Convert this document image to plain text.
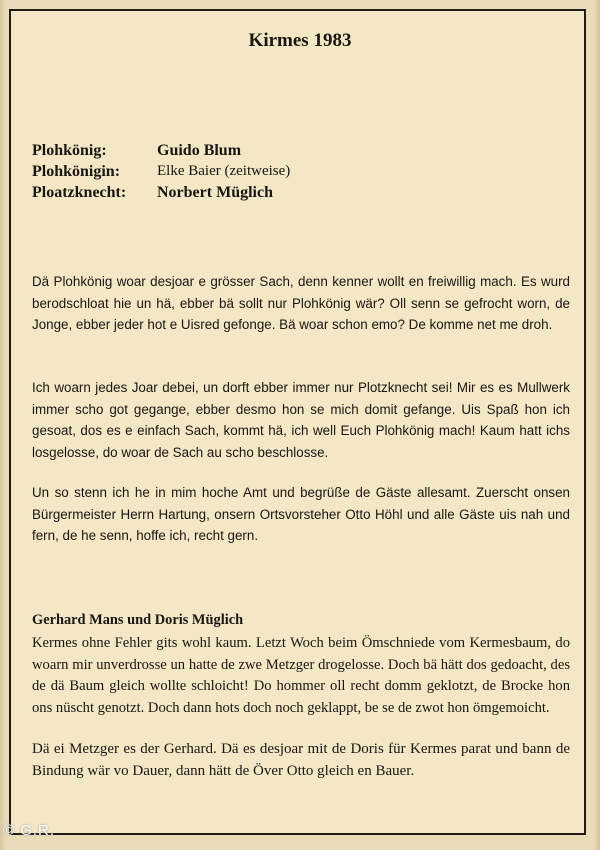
Kirmes 1983
Plohkönig:	Guido Blum
Plohkönigin:	Elke Baier (zeitweise)
Ploatzknecht:	Norbert Müglich

Dä Plohkönig woar desjoar e grösser Sach, denn kenner wollt en freiwillig mach. Es wurd berodschloat hie un hä, ebber bä sollt nur Plohkönig wär? Oll senn se gefrocht worn, de Jonge, ebber jeder hot e Uisred gefonge. Bä woar schon emo? De komme net me droh.

Ich woarn jedes Joar debei, un dorft ebber immer nur Plotzknecht sei! Mir es es Mullwerk immer scho got gegange, ebber desmo hon se mich domit gefange. Uis Spaß hon ich gesoat, dos es e einfach Sach, kommt hä, ich well Euch Plohkönig mach! Kaum hatt ichs losgelosse, do woar de Sach au scho beschlosse.

Un so stenn ich he in mim hoche Amt und begrüße de Gäste allesamt. Zuerscht onsen Bürgermeister Herrn Hartung, onsern Ortsvorsteher Otto Höhl und alle Gäste uis nah und fern, de he senn, hoffe ich, recht gern.

Gerhard Mans und Doris Müglich

Kermes ohne Fehler gits wohl kaum. Letzt Woch beim Ömschniede vom Kermesbaum, do woarn mir unverdrosse un hatte de zwe Metzger drogelosse. Doch bä hätt dos gedoacht, des de dä Baum gleich wollte schloicht! Do hommer oll recht domm geklotzt, de Brocke hon ons nüscht genotzt. Doch dann hots doch noch geklappt, be se de zwot hon ömgemoicht.

Dä ei Metzger es der Gerhard. Dä es desjoar mit de Doris für Kermes parat und bann de Bindung wär vo Dauer, dann hätt de Över Otto gleich en Bauer.

© G.R.
